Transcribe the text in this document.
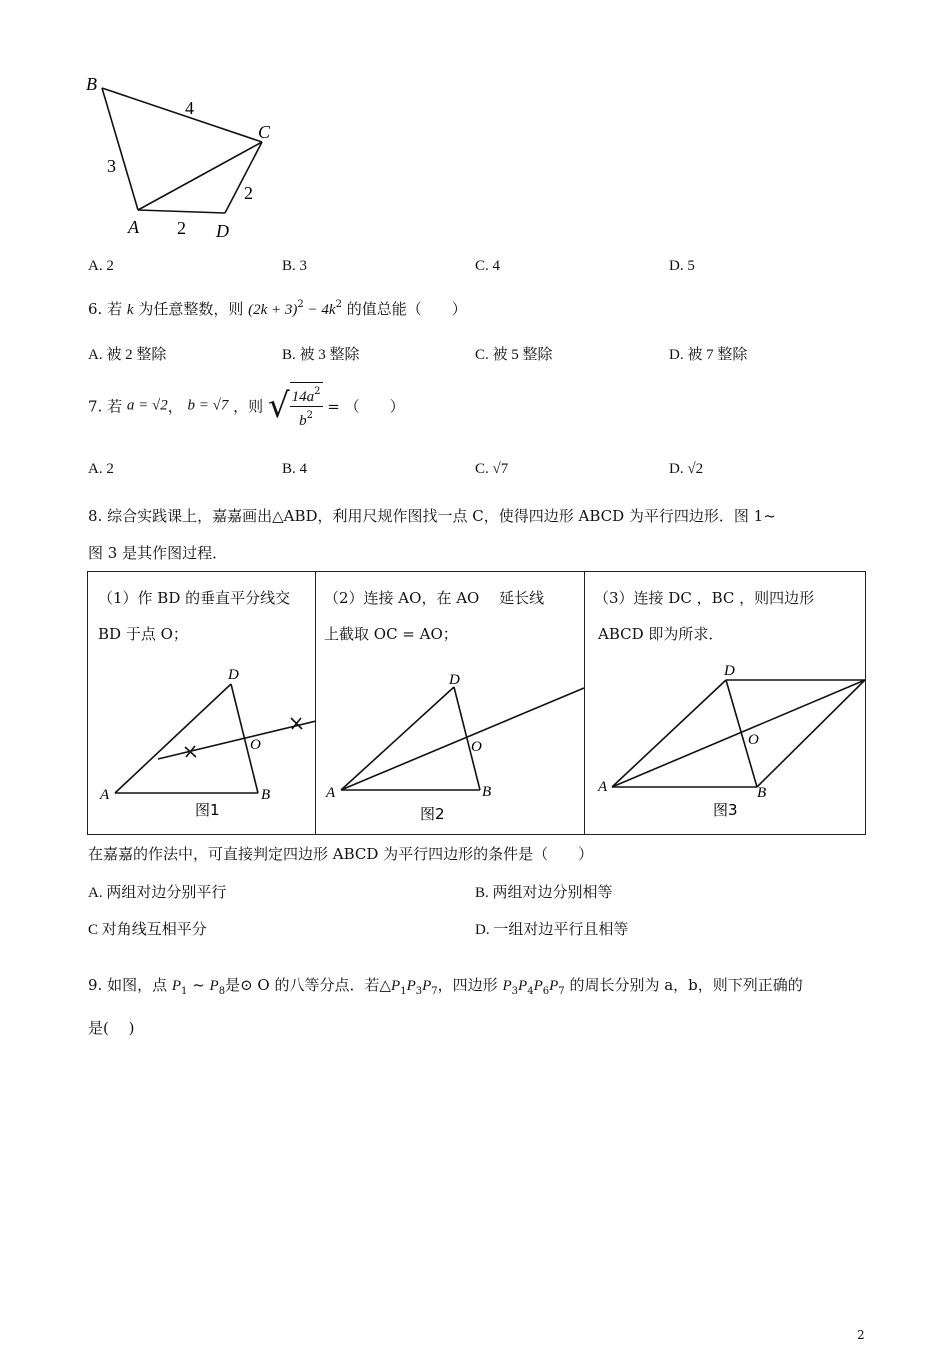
B
C
A	D
4
3
2
2
A. 2	B. 3	C. 4	D. 5
6. 若 k 为任意整数，则 $(2k + 3)^2 - 4k^2$ 的值总能（　　）
A. 被 2 整除	B. 被 3 整除	C. 被 5 整除	D. 被 7 整除
7. 若 a = √2， b = √7 ，则 √ $\frac{14a^2}{b^2}$ = （　　）
A. 2	B. 4	C. √7	D. √2
8. 综合实践课上，嘉嘉画出△ABD，利用尺规作图找一点 C，使得四边形 ABCD 为平行四边形．图 1~
图 3 是其作图过程．
（1）作 BD 的垂直平分线交
BD 于点 O；
（2）连接 AO，在 AO　 延长线
上截取 OC = AO；
（3）连接 DC ，BC ，则四边形
ABCD 即为所求．
D
A	B
O
图1
D
A	B
O
图2
D
A	B
O
图3
在嘉嘉的作法中，可直接判定四边形 ABCD 为平行四边形的条件是（　　）
A. 两组对边分别平行	B. 两组对边分别相等
C 对角线互相平分	D. 一组对边平行且相等
9. 如图，点 $P_1$ ~ $P_8$是⊙ O 的八等分点．若$\triangle P_1P_3P_7$，四边形 $P_3P_4P_6P_7$ 的周长分别为 a，b，则下列正确的
是(　 )
2
